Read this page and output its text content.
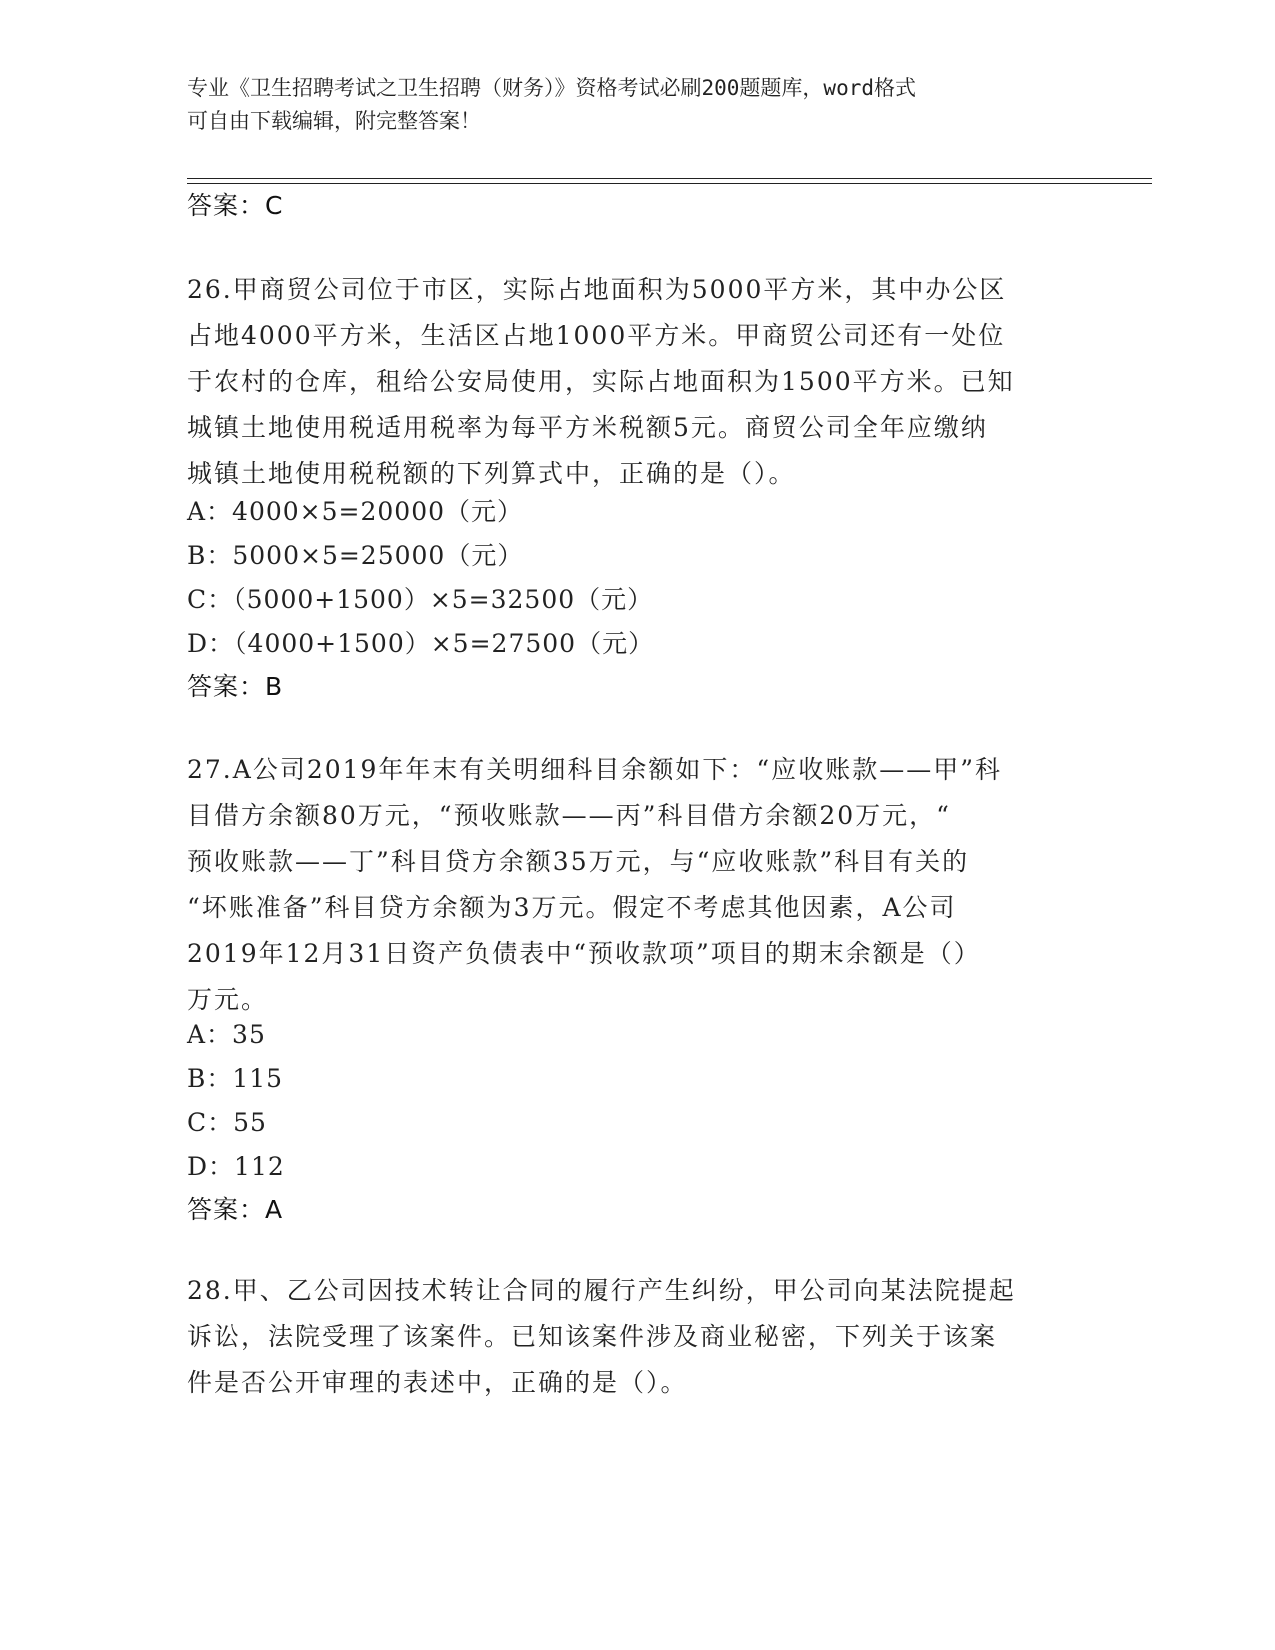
专业《卫生招聘考试之卫生招聘（财务）》资格考试必刷200题题库，word格式
可自由下载编辑，附完整答案！
答案：C
26.甲商贸公司位于市区，实际占地面积为5000平方米，其中办公区
占地4000平方米，生活区占地1000平方米。甲商贸公司还有一处位
于农村的仓库，租给公安局使用，实际占地面积为1500平方米。已知
城镇土地使用税适用税率为每平方米税额5元。商贸公司全年应缴纳
城镇土地使用税税额的下列算式中，正确的是（）。
A：4000×5=20000（元）
B：5000×5=25000（元）
C：（5000+1500）×5=32500（元）
D：（4000+1500）×5=27500（元）
答案：B
27.A公司2019年年末有关明细科目余额如下：“应收账款——甲”科
目借方余额80万元，“预收账款——丙”科目借方余额20万元，“
预收账款——丁”科目贷方余额35万元，与“应收账款”科目有关的
“坏账准备”科目贷方余额为3万元。假定不考虑其他因素，A公司
2019年12月31日资产负债表中“预收款项”项目的期末余额是（）
万元。
A：35
B：115
C：55
D：112
答案：A
28.甲、乙公司因技术转让合同的履行产生纠纷，甲公司向某法院提起
诉讼，法院受理了该案件。已知该案件涉及商业秘密，下列关于该案
件是否公开审理的表述中，正确的是（）。
